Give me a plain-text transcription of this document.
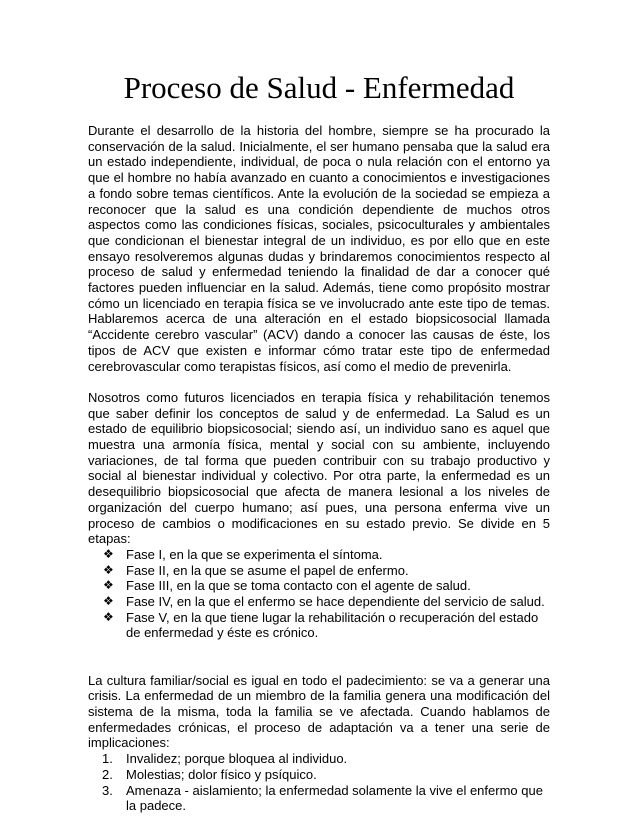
Proceso de Salud - Enfermedad

Durante el desarrollo de la historia del hombre, siempre se ha procurado la conservación de la salud. Inicialmente, el ser humano pensaba que la salud era un estado independiente, individual, de poca o nula relación con el entorno ya que el hombre no había avanzado en cuanto a conocimientos e investigaciones a fondo sobre temas científicos. Ante la evolución de la sociedad se empieza a reconocer que la salud es una condición dependiente de muchos otros aspectos como las condiciones físicas, sociales, psicoculturales y ambientales que condicionan el bienestar integral de un individuo, es por ello que en este ensayo resolveremos algunas dudas y brindaremos conocimientos respecto al proceso de salud y enfermedad teniendo la finalidad de dar a conocer qué factores pueden influenciar en la salud. Además, tiene como propósito mostrar cómo un licenciado en terapia física se ve involucrado ante este tipo de temas. Hablaremos acerca de una alteración en el estado biopsicosocial llamada “Accidente cerebro vascular” (ACV) dando a conocer las causas de éste, los tipos de ACV que existen e informar cómo tratar este tipo de enfermedad cerebrovascular como terapistas físicos, así como el medio de prevenirla.

Nosotros como futuros licenciados en terapia física y rehabilitación tenemos que saber definir los conceptos de salud y de enfermedad. La Salud es un estado de equilibrio biopsicosocial; siendo así, un individuo sano es aquel que muestra una armonía física, mental y social con su ambiente, incluyendo variaciones, de tal forma que pueden contribuir con su trabajo productivo y social al bienestar individual y colectivo. Por otra parte, la enfermedad es un desequilibrio biopsicosocial que afecta de manera lesional a los niveles de organización del cuerpo humano; así pues, una persona enferma vive un proceso de cambios o modificaciones en su estado previo. Se divide en 5 etapas:

❖ Fase I, en la que se experimenta el síntoma.
❖ Fase II, en la que se asume el papel de enfermo.
❖ Fase III, en la que se toma contacto con el agente de salud.
❖ Fase IV, en la que el enfermo se hace dependiente del servicio de salud.
❖ Fase V, en la que tiene lugar la rehabilitación o recuperación del estado de enfermedad y éste es crónico.

La cultura familiar/social es igual en todo el padecimiento: se va a generar una crisis. La enfermedad de un miembro de la familia genera una modificación del sistema de la misma, toda la familia se ve afectada. Cuando hablamos de enfermedades crónicas, el proceso de adaptación va a tener una serie de implicaciones:

1. Invalidez; porque bloquea al individuo.
2. Molestias; dolor físico y psíquico.
3. Amenaza - aislamiento; la enfermedad solamente la vive el enfermo que la padece.
